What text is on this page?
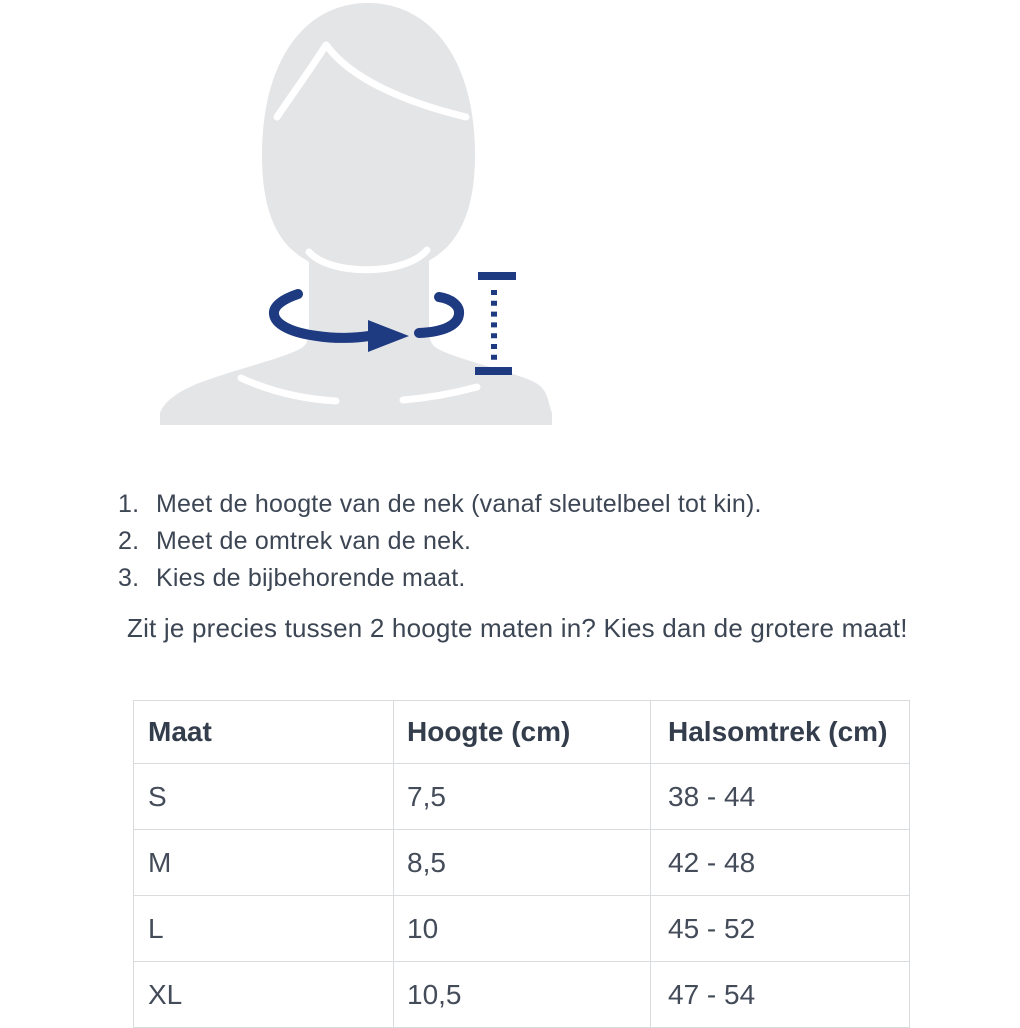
1. Meet de hoogte van de nek (vanaf sleutelbeel tot kin).
2. Meet de omtrek van de nek.
3. Kies de bijbehorende maat.
Zit je precies tussen 2 hoogte maten in? Kies dan de grotere maat!
Maat	Hoogte (cm)	Halsomtrek (cm)
S	7,5	38 - 44
M	8,5	42 - 48
L	10	45 - 52
XL	10,5	47 - 54
